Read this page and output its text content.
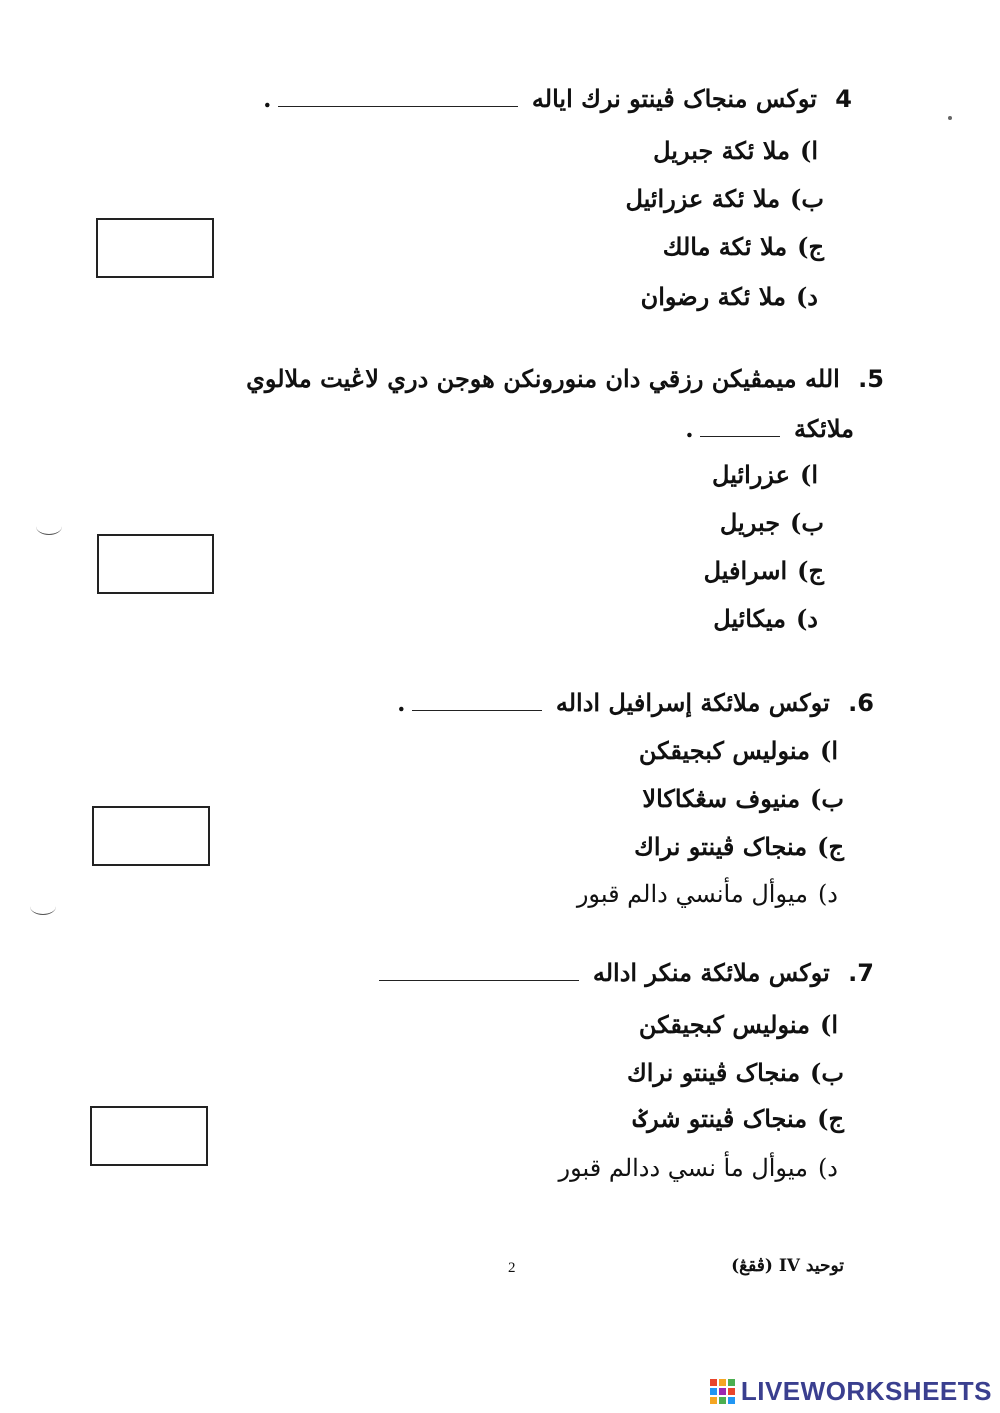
4 توکس منجاک ڤينتو نرك اياله .
ا)ملا ئكة جبريل
ب)ملا ئكة عزرائيل
ج)ملا ئكة مالك
د)ملا ئكة رضوان
5. الله ميمڤيكن رزقي دان منورونکن هوجن دري لاڠيت ملالوي
ملائكة .
ا)عزرائيل
ب)جبريل
ج)اسرافيل
د)ميكائيل
6. توکس ملائكة إسرافيل اداله .
ا)منوليس كبجيقكن
ب)منيوف سڠكاكالا
ج)منجاک ڤينتو نراك
د)ميوأل مأنسي دالم قبور
7. توکس ملائكة منكر اداله
ا)منوليس كبجيقكن
ب)منجاک ڤينتو نراك
ج)منجاک ڤينتو شرݢ
د)ميوأل مأ نسي ددالم قبور
توحيد IV (ڤقڠ)
2
LIVEWORKSHEETS
